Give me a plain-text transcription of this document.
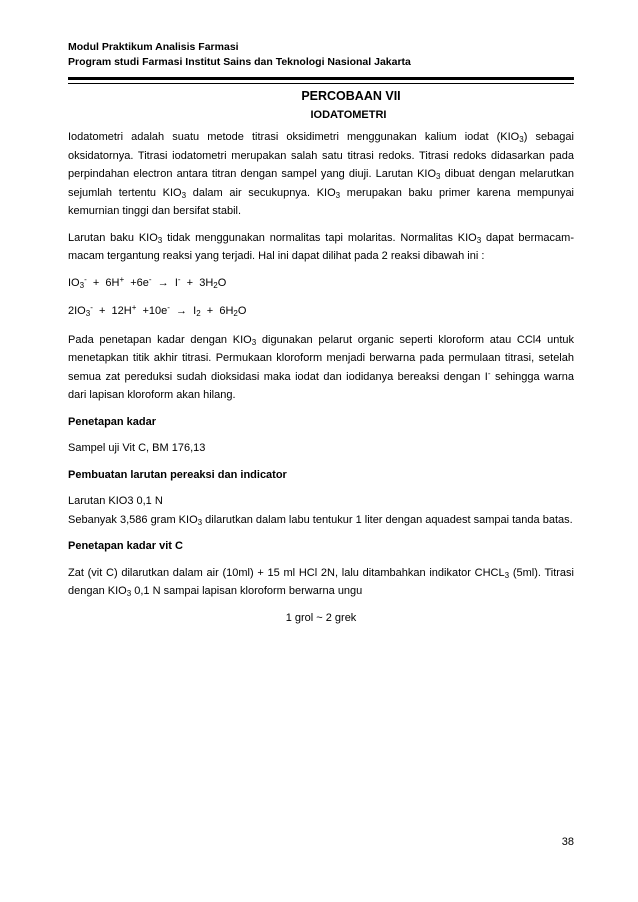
Modul Praktikum Analisis Farmasi
Program studi Farmasi Institut Sains dan Teknologi Nasional Jakarta
PERCOBAAN VII
IODATOMETRI

Iodatometri adalah suatu metode titrasi oksidimetri menggunakan kalium iodat $(KIO_3)$ sebagai oksidatornya. Titrasi iodatometri merupakan salah satu titrasi redoks. Titrasi redoks didasarkan pada perpindahan electron antara titran dengan sampel yang diuji. Larutan $KIO_3$ dibuat dengan melarutkan sejumlah tertentu $KIO_3$ dalam air secukupnya. $KIO_3$ merupakan baku primer karena mempunyai kemurnian tinggi dan bersifat stabil.

Larutan baku $KIO_3$ tidak menggunakan normalitas tapi molaritas. Normalitas $KIO_3$ dapat bermacam-macam tergantung reaksi yang terjadi. Hal ini dapat dilihat pada 2 reaksi dibawah ini :

$IO_3^- + 6H^+ +6e^- \to I^- + 3H_2O$
$2IO_3^- + 12H^+ +10e^- \to I_2 + 6H_2O$

Pada penetapan kadar dengan $KIO_3$ digunakan pelarut organic seperti kloroform atau CCl4 untuk menetapkan titik akhir titrasi. Permukaan kloroform menjadi berwarna pada permulaan titrasi, setelah semua zat pereduksi sudah dioksidasi maka iodat dan iodidanya bereaksi dengan I- sehingga warna dari lapisan kloroform akan hilang.

Penetapan kadar

Sampel uji Vit C, BM 176,13

Pembuatan larutan pereaksi dan indicator

Larutan KIO3 0,1 N

Sebanyak 3,586 gram $KIO_3$ dilarutkan dalam labu tentukur 1 liter dengan aquadest sampai tanda batas.

Penetapan kadar vit C

Zat (vit C) dilarutkan dalam air (10ml) + 15 ml HCl 2N, lalu ditambahkan indikator $CHCL_3$ (5ml). Titrasi dengan $KIO_3$ 0,1 N sampai lapisan kloroform berwarna ungu

1 grol ~ 2 grek
38
